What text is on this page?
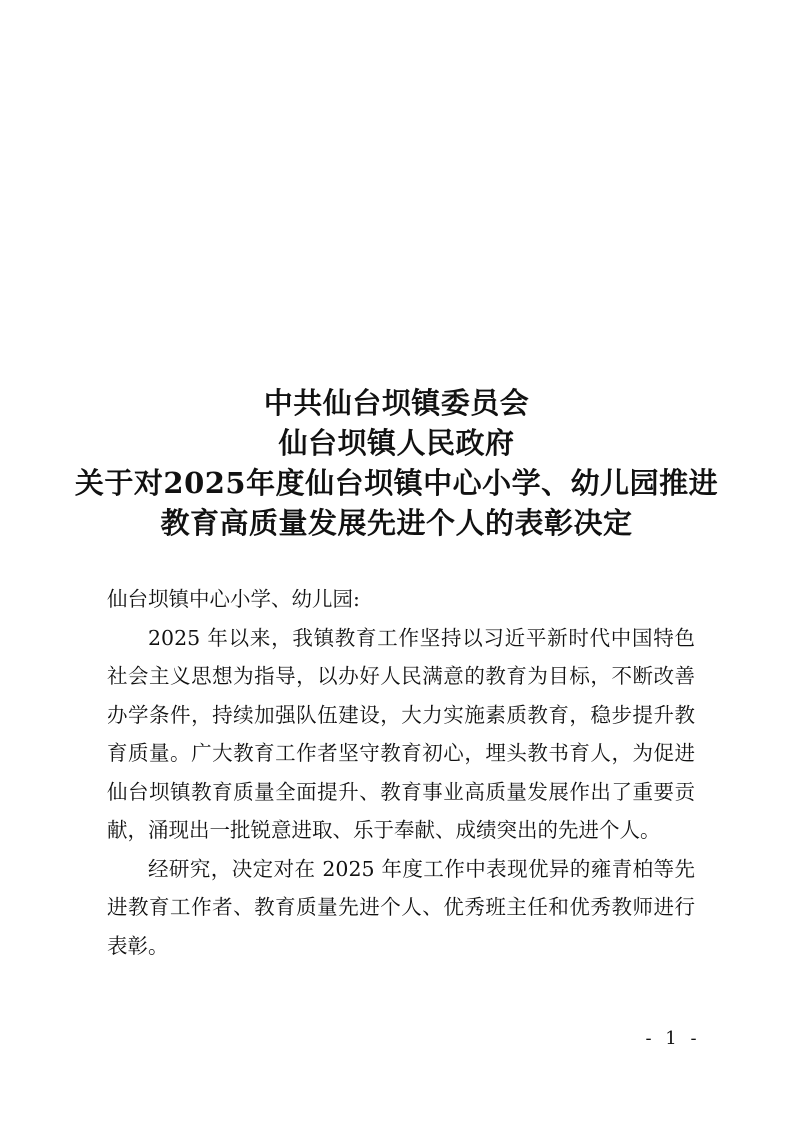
中共仙台坝镇委员会
仙台坝镇人民政府
关于对2025年度仙台坝镇中心小学、幼儿园推进
教育高质量发展先进个人的表彰决定
仙台坝镇中心小学、幼儿园:

2025 年以来，我镇教育工作坚持以习近平新时代中国特色社会主义思想为指导，以办好人民满意的教育为目标，不断改善办学条件，持续加强队伍建设，大力实施素质教育，稳步提升教育质量。广大教育工作者坚守教育初心，埋头教书育人，为促进仙台坝镇教育质量全面提升、教育事业高质量发展作出了重要贡献，涌现出一批锐意进取、乐于奉献、成绩突出的先进个人。

经研究，决定对在 2025 年度工作中表现优异的雍青柏等先进教育工作者、教育质量先进个人、优秀班主任和优秀教师进行表彰。

- 1 -
